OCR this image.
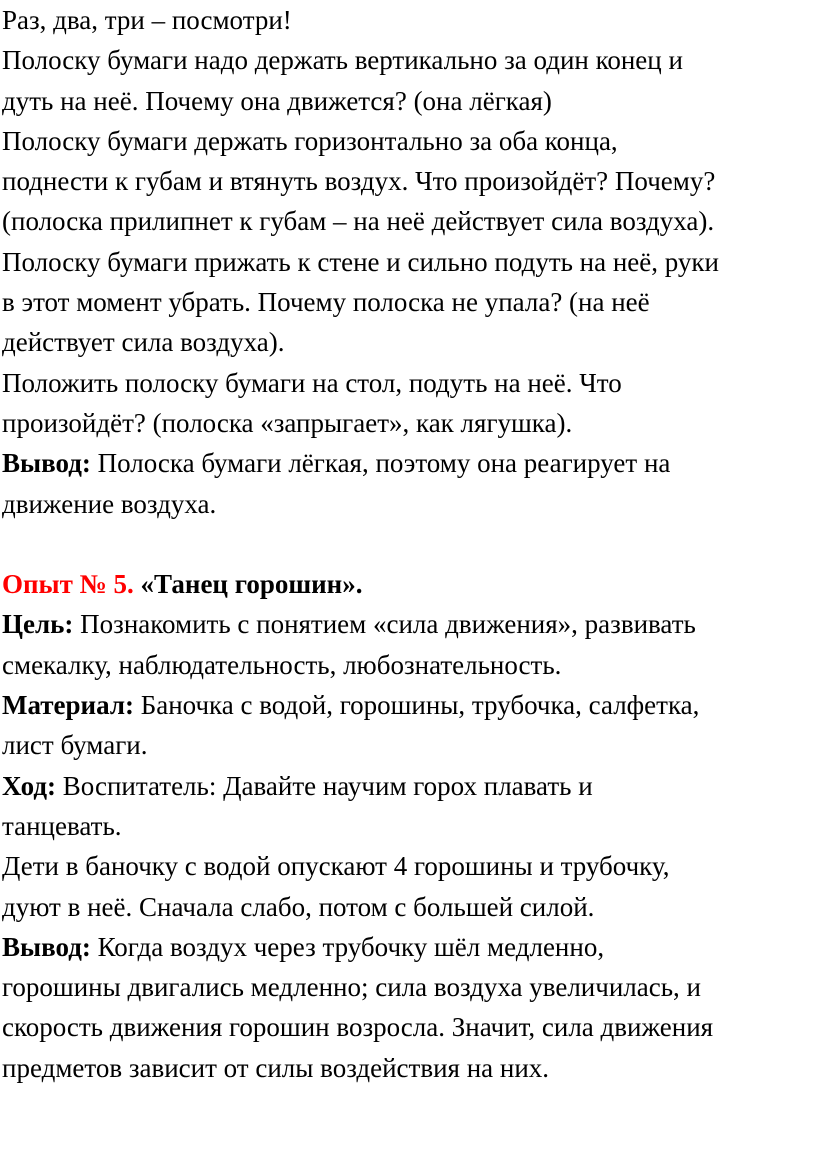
Раз, два, три – посмотри!
Полоску бумаги надо держать вертикально за один конец и
дуть на неё. Почему она движется? (она лёгкая)
Полоску бумаги держать горизонтально за оба конца,
поднести к губам и втянуть воздух. Что произойдёт? Почему?
(полоска прилипнет к губам – на неё действует сила воздуха).
Полоску бумаги прижать к стене и сильно подуть на неё, руки
в этот момент убрать. Почему полоска не упала? (на неё
действует сила воздуха).
Положить полоску бумаги на стол, подуть на неё. Что
произойдёт? (полоска «запрыгает», как лягушка).
Вывод: Полоска бумаги лёгкая, поэтому она реагирует на
движение воздуха.
Опыт № 5. «Танец горошин».
Цель: Познакомить с понятием «сила движения», развивать
смекалку, наблюдательность, любознательность.
Материал: Баночка с водой, горошины, трубочка, салфетка,
лист бумаги.
Ход: Воспитатель: Давайте научим горох плавать и
танцевать.
Дети в баночку с водой опускают 4 горошины и трубочку,
дуют в неё. Сначала слабо, потом с большей силой.
Вывод: Когда воздух через трубочку шёл медленно,
горошины двигались медленно; сила воздуха увеличилась, и
скорость движения горошин возросла. Значит, сила движения
предметов зависит от силы воздействия на них.
